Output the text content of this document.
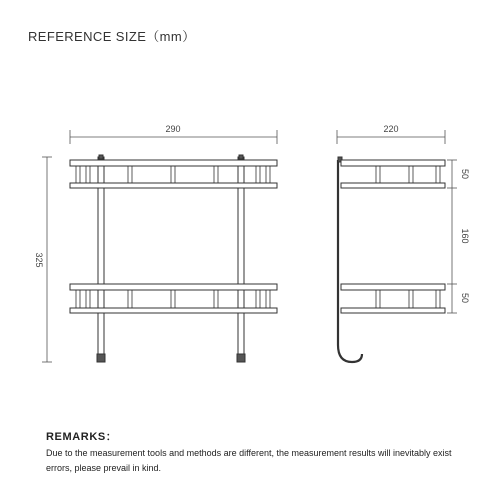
REFERENCE SIZE（mm）
290
325
220
50
160
50
REMARKS：
Due to the measurement tools and methods are different, the measurement results will inevitably exist errors, please prevail in kind.
